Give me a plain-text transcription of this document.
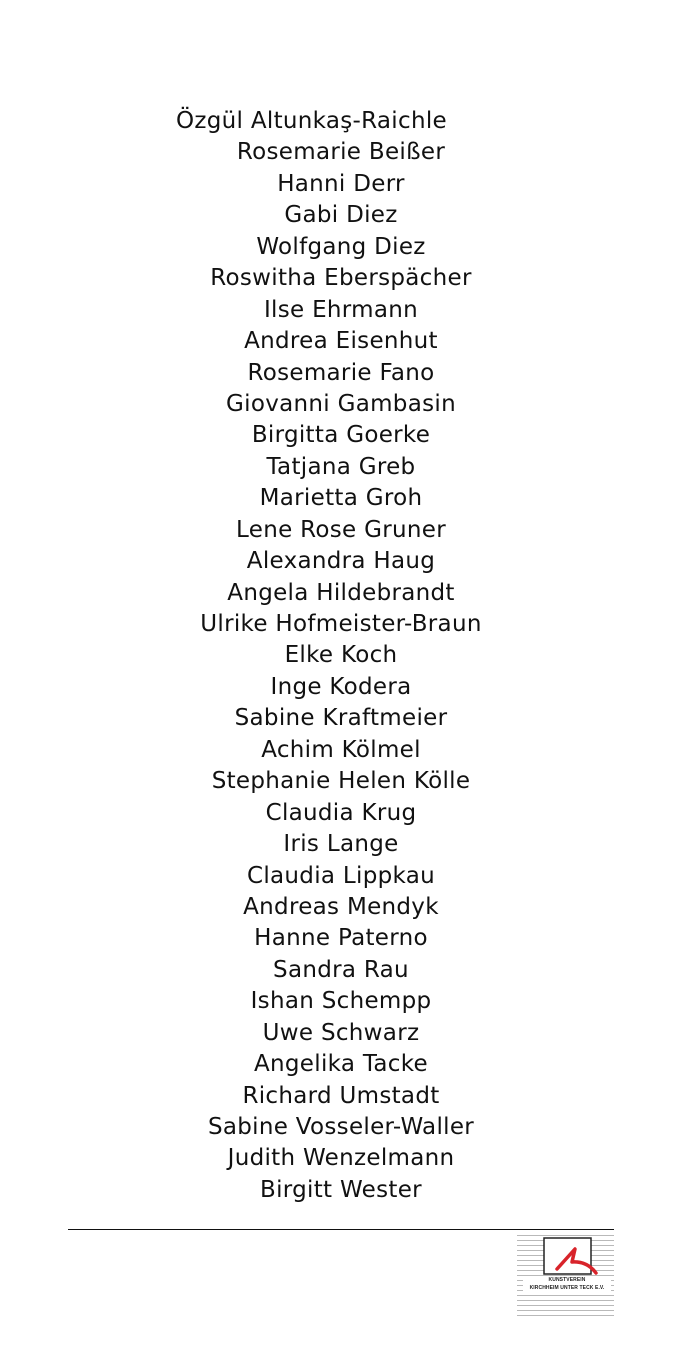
Özgül Altunkaş-Raichle
Rosemarie Beißer
Hanni Derr
Gabi Diez
Wolfgang Diez
Roswitha Eberspächer
Ilse Ehrmann
Andrea Eisenhut
Rosemarie Fano
Giovanni Gambasin
Birgitta Goerke
Tatjana Greb
Marietta Groh
Lene Rose Gruner
Alexandra Haug
Angela Hildebrandt
Ulrike Hofmeister-Braun
Elke Koch
Inge Kodera
Sabine Kraftmeier
Achim Kölmel
Stephanie Helen Kölle
Claudia Krug
Iris Lange
Claudia Lippkau
Andreas Mendyk
Hanne Paterno
Sandra Rau
Ishan Schempp
Uwe Schwarz
Angelika Tacke
Richard Umstadt
Sabine Vosseler-Waller
Judith Wenzelmann
Birgitt Wester
KUNSTVEREIN
KIRCHHEIM UNTER TECK E.V.
